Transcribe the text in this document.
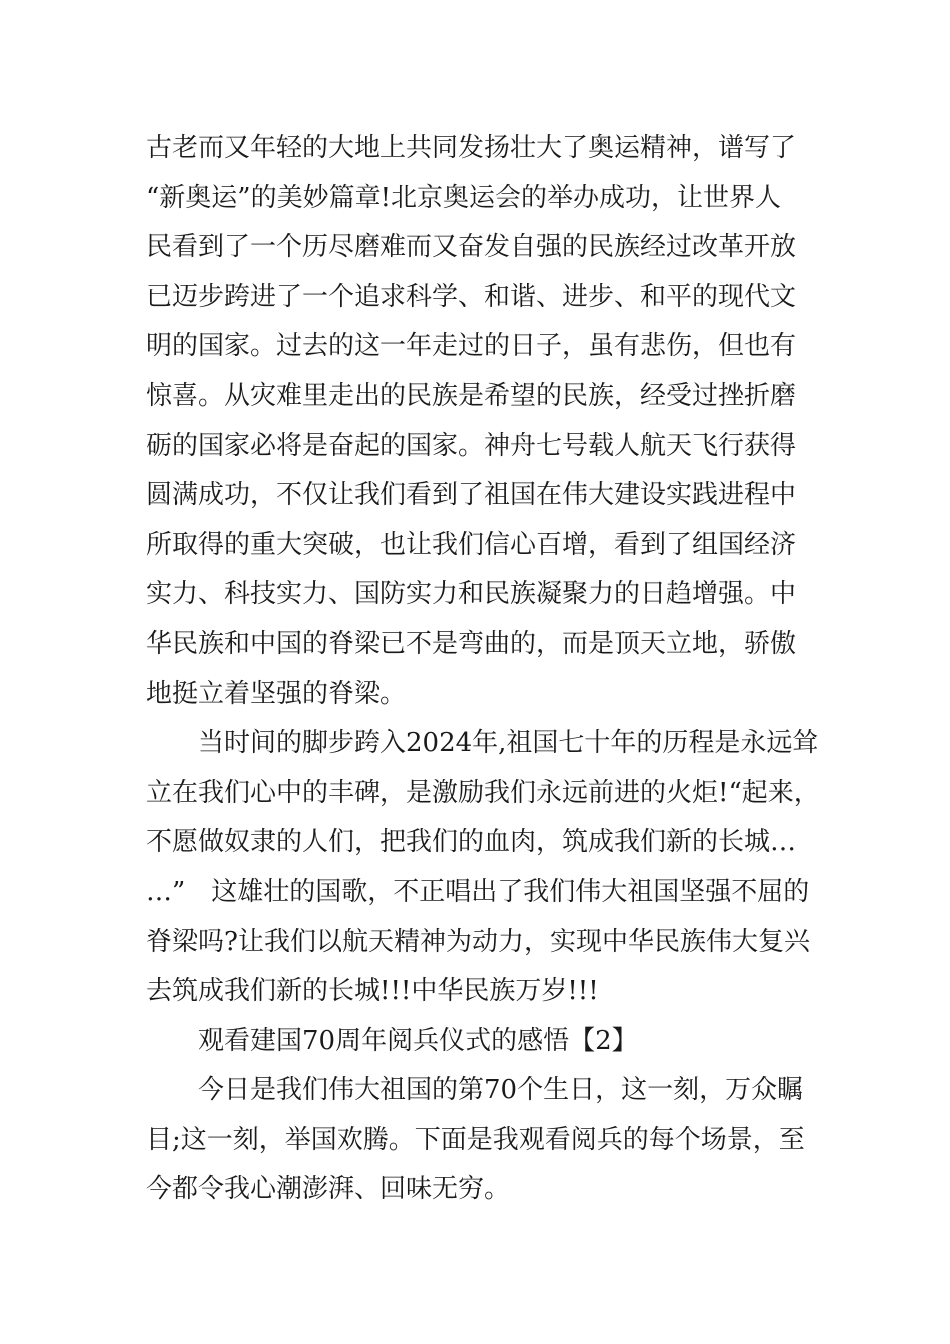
古老而又年轻的大地上共同发扬壮大了奥运精神，谱写了
“新奥运”的美妙篇章!北京奥运会的举办成功，让世界人
民看到了一个历尽磨难而又奋发自强的民族经过改革开放
已迈步跨进了一个追求科学、和谐、进步、和平的现代文
明的国家。过去的这一年走过的日子，虽有悲伤，但也有
惊喜。从灾难里走出的民族是希望的民族，经受过挫折磨
砺的国家必将是奋起的国家。神舟七号载人航天飞行获得
圆满成功，不仅让我们看到了祖国在伟大建设实践进程中
所取得的重大突破，也让我们信心百增，看到了组国经济
实力、科技实力、国防实力和民族凝聚力的日趋增强。中
华民族和中国的脊梁已不是弯曲的，而是顶天立地，骄傲
地挺立着坚强的脊梁。
　　当时间的脚步跨入2024年,祖国七十年的历程是永远耸
立在我们心中的丰碑，是激励我们永远前进的火炬!“起来，
不愿做奴隶的人们，把我们的血肉，筑成我们新的长城…
…”　这雄壮的国歌，不正唱出了我们伟大祖国坚强不屈的
脊梁吗?让我们以航天精神为动力，实现中华民族伟大复兴
去筑成我们新的长城!!!中华民族万岁!!!
　　观看建国70周年阅兵仪式的感悟【2】
　　今日是我们伟大祖国的第70个生日，这一刻，万众瞩
目;这一刻，举国欢腾。下面是我观看阅兵的每个场景，至
今都令我心潮澎湃、回味无穷。
